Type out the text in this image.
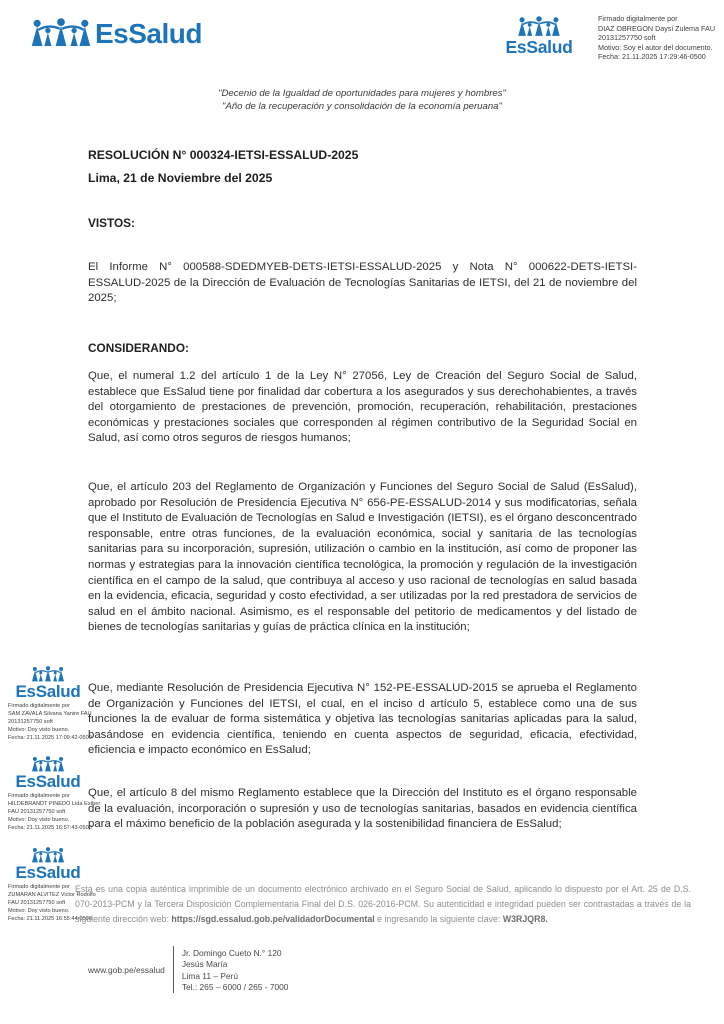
EsSalud	EsSalud
Firmado digitalmente por
DIAZ OBREGON Daysi Zulema FAU
20131257750 soft
Motivo: Soy el autor del documento.
Fecha: 21.11.2025 17:29:46-0500
"Decenio de la Igualdad de oportunidades para mujeres y hombres"
"Año de la recuperación y consolidación de la economía peruana"
RESOLUCIÓN N° 000324-IETSI-ESSALUD-2025
Lima, 21 de Noviembre del 2025
VISTOS:
El Informe N° 000588-SDEDMYEB-DETS-IETSI-ESSALUD-2025 y Nota N° 000622-DETS-IETSI-ESSALUD-2025 de la Dirección de Evaluación de Tecnologías Sanitarias de IETSI, del 21 de noviembre del 2025;
CONSIDERANDO:
Que, el numeral 1.2 del artículo 1 de la Ley N° 27056, Ley de Creación del Seguro Social de Salud, establece que EsSalud tiene por finalidad dar cobertura a los asegurados y sus derechohabientes, a través del otorgamiento de prestaciones de prevención, promoción, recuperación, rehabilitación, prestaciones económicas y prestaciones sociales que corresponden al régimen contributivo de la Seguridad Social en Salud, así como otros seguros de riesgos humanos;
Que, el artículo 203 del Reglamento de Organización y Funciones del Seguro Social de Salud (EsSalud), aprobado por Resolución de Presidencia Ejecutiva N° 656-PE-ESSALUD-2014 y sus modificatorias, señala que el Instituto de Evaluación de Tecnologías en Salud e Investigación (IETSI), es el órgano desconcentrado responsable, entre otras funciones, de la evaluación económica, social y sanitaria de las tecnologías sanitarias para su incorporación, supresión, utilización o cambio en la institución, así como de proponer las normas y estrategias para la innovación científica tecnológica, la promoción y regulación de la investigación científica en el campo de la salud, que contribuya al acceso y uso racional de tecnologías en salud basada en la evidencia, eficacia, seguridad y costo efectividad, a ser utilizadas por la red prestadora de servicios de salud en el ámbito nacional. Asimismo, es el responsable del petitorio de medicamentos y del listado de bienes de tecnologías sanitarias y guías de práctica clínica en la institución;
Que, mediante Resolución de Presidencia Ejecutiva N° 152-PE-ESSALUD-2015 se aprueba el Reglamento de Organización y Funciones del IETSI, el cual, en el inciso d artículo 5, establece como una de sus funciones la de evaluar de forma sistemática y objetiva las tecnologías sanitarias aplicadas para la salud, basándose en evidencia científica, teniendo en cuenta aspectos de seguridad, eficacia, efectividad, eficiencia e impacto económico en EsSalud;
Que, el artículo 8 del mismo Reglamento establece que la Dirección del Instituto es el órgano responsable de la evaluación, incorporación o supresión y uso de tecnologías sanitarias, basados en evidencia científica para el máximo beneficio de la población asegurada y la sostenibilidad financiera de EsSalud;
EsSalud
Firmado digitalmente por
SAM ZAVALA Silvana Yanire FAU
20131257750 soft
Motivo: Doy visto bueno.
Fecha: 21.11.2025 17:09:42-0500
EsSalud
Firmado digitalmente por
HILDEBRANDT PINEDO Lida Esther
FAU 20131257750 soft
Motivo: Doy visto bueno.
Fecha: 21.11.2025 16:57:43-0500
EsSalud
Firmado digitalmente por
ZUMARAN ALVITEZ Victor Rodolfo
FAU 20131257750 soft
Motivo: Doy visto bueno.
Fecha: 21.11.2025 16:55:44-0500
Esta es una copia auténtica imprimible de un documento electrónico archivado en el Seguro Social de Salud, aplicando lo dispuesto por el Art. 25 de D.S. 070-2013-PCM y la Tercera Disposición Complementaria Final del D.S. 026-2016-PCM. Su autenticidad e integridad pueden ser contrastadas a través de la siguiente dirección web: https://sgd.essalud.gob.pe/validadorDocumental e ingresando la siguiente clave: W3RJQR8.
www.gob.pe/essalud
Jr. Domingo Cueto N.° 120
Jesús María
Lima 11 – Perú
Tel.: 265 – 6000 / 265 - 7000
